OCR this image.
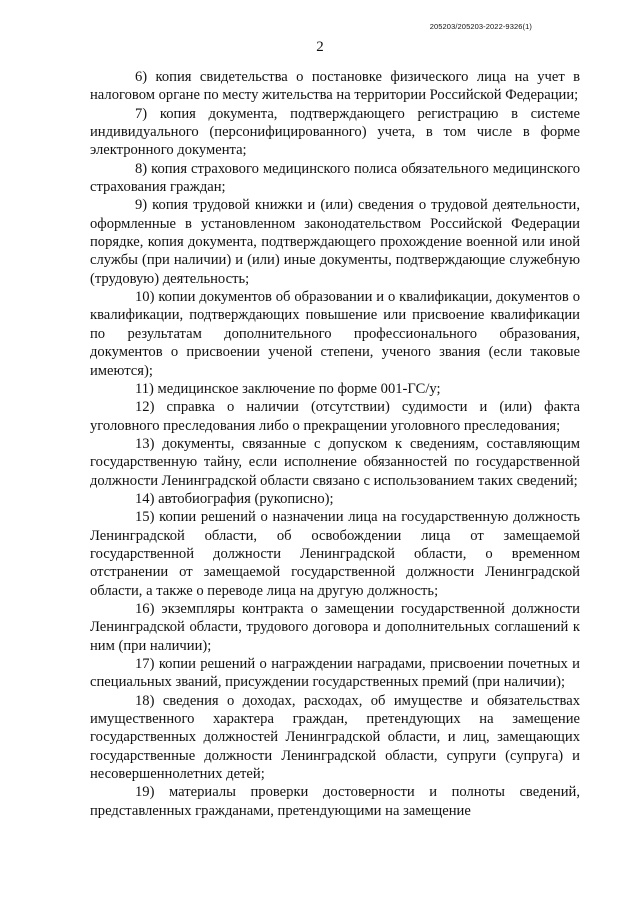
205203/205203-2022-9326(1)
2

6) копия свидетельства о постановке физического лица на учет в налоговом органе по месту жительства на территории Российской Федерации;

7) копия документа, подтверждающего регистрацию в системе индивидуального (персонифицированного) учета, в том числе в форме электронного документа;

8) копия страхового медицинского полиса обязательного медицинского страхования граждан;

9) копия трудовой книжки и (или) сведения о трудовой деятельности, оформленные в установленном законодательством Российской Федерации порядке, копия документа, подтверждающего прохождение военной или иной службы (при наличии) и (или) иные документы, подтверждающие служебную (трудовую) деятельность;

10) копии документов об образовании и о квалификации, документов о квалификации, подтверждающих повышение или присвоение квалификации по результатам дополнительного профессионального образования, документов о присвоении ученой степени, ученого звания (если таковые имеются);

11) медицинское заключение по форме 001-ГС/у;

12) справка о наличии (отсутствии) судимости и (или) факта уголовного преследования либо о прекращении уголовного преследования;

13) документы, связанные с допуском к сведениям, составляющим государственную тайну, если исполнение обязанностей по государственной должности Ленинградской области связано с использованием таких сведений;

14) автобиография (рукописно);

15) копии решений о назначении лица на государственную должность Ленинградской области, об освобождении лица от замещаемой государственной должности Ленинградской области, о временном отстранении от замещаемой государственной должности Ленинградской области, а также о переводе лица на другую должность;

16) экземпляры контракта о замещении государственной должности Ленинградской области, трудового договора и дополнительных соглашений к ним (при наличии);

17) копии решений о награждении наградами, присвоении почетных и специальных званий, присуждении государственных премий (при наличии);

18) сведения о доходах, расходах, об имуществе и обязательствах имущественного характера граждан, претендующих на замещение государственных должностей Ленинградской области, и лиц, замещающих государственные должности Ленинградской области, супруги (супруга) и несовершеннолетних детей;

19) материалы проверки достоверности и полноты сведений, представленных гражданами, претендующими на замещение
